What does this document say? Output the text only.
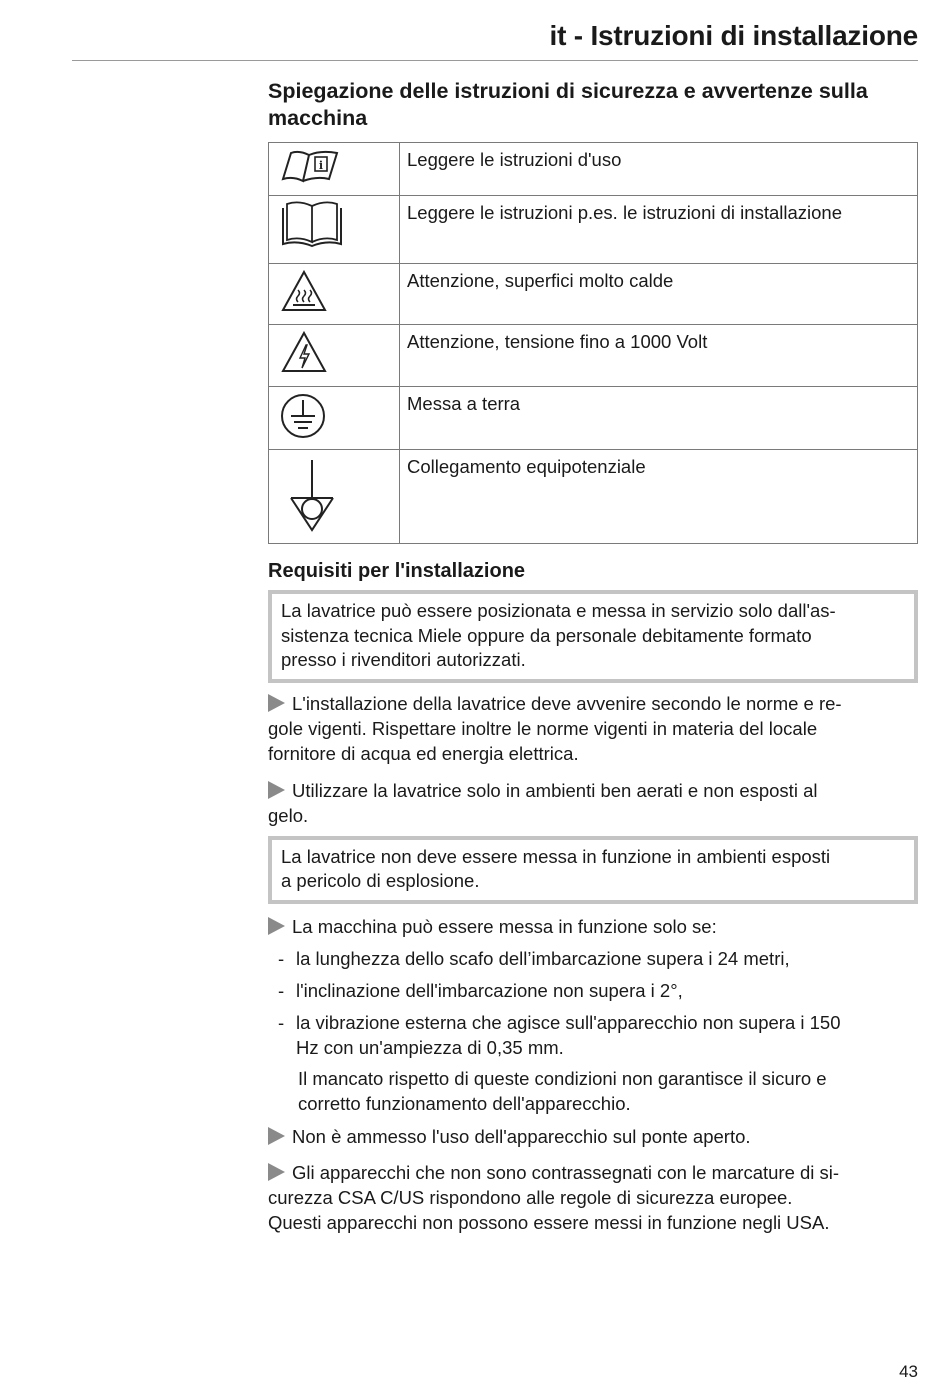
it - Istruzioni di installazione
Spiegazione delle istruzioni di sicurezza e avvertenze sulla
macchina
i	Leggere le istruzioni d'uso

	Leggere le istruzioni p.es. le istruzioni di installazione

	Attenzione, superfici molto calde

	Attenzione, tensione fino a 1000 Volt

	Messa a terra

	Collegamento equipotenziale
Requisiti per l'installazione
La lavatrice può essere posizionata e messa in servizio solo dall'as-
sistenza tecnica Miele oppure da personale debitamente formato
presso i rivenditori autorizzati.

L'installazione della lavatrice deve avvenire secondo le norme e re-
gole vigenti. Rispettare inoltre le norme vigenti in materia del locale
fornitore di acqua ed energia elettrica.

Utilizzare la lavatrice solo in ambienti ben aerati e non esposti al
gelo.

La lavatrice non deve essere messa in funzione in ambienti esposti
a pericolo di esplosione.

La macchina può essere messa in funzione solo se:

- la lunghezza dello scafo dell’imbarcazione supera i 24 metri,
- l'inclinazione dell'imbarcazione non supera i 2°,
- la vibrazione esterna che agisce sull'apparecchio non supera i 150
Hz con un'ampiezza di 0,35 mm.

Il mancato rispetto di queste condizioni non garantisce il sicuro e
corretto funzionamento dell'apparecchio.

Non è ammesso l'uso dell'apparecchio sul ponte aperto.

Gli apparecchi che non sono contrassegnati con le marcature di si-
curezza CSA C/US rispondono alle regole di sicurezza europee.
Questi apparecchi non possono essere messi in funzione negli USA.

43
